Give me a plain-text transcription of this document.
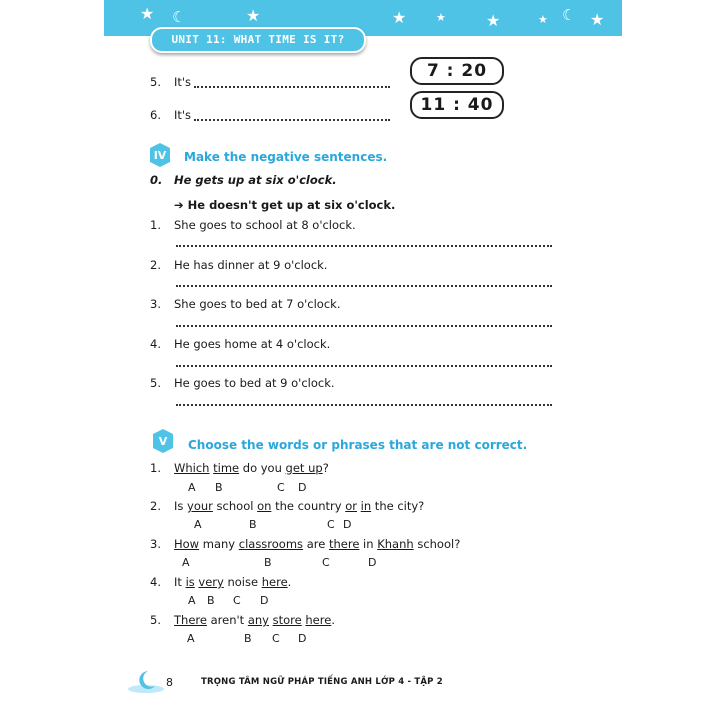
★ ☾	★	★	★	★	★ ☾ ★
UNIT 11: WHAT TIME IS IT?
5. It's
7 : 20
6. It's	11 : 40
IV Make the negative sentences.
0. He gets up at six o'clock.
➔ He doesn't get up at six o'clock.
1. She goes to school at 8 o'clock.
2. He has dinner at 9 o'clock.
3. She goes to bed at 7 o'clock.
4. He goes home at 4 o'clock.
5. He goes to bed at 9 o'clock.
V Choose the words or phrases that are not correct.
1. Which time do you get up?
A B	C D
2. Is your school on the country or in the city?
A	B	C D
3. How many classrooms are there in Khanh school?
A	B	C	D
4. It is very noise here.
A B C D
5. There aren't any store here.
A	B C D
8	TRỌNG TÂM NGỮ PHÁP TIẾNG ANH LỚP 4 - TẬP 2
